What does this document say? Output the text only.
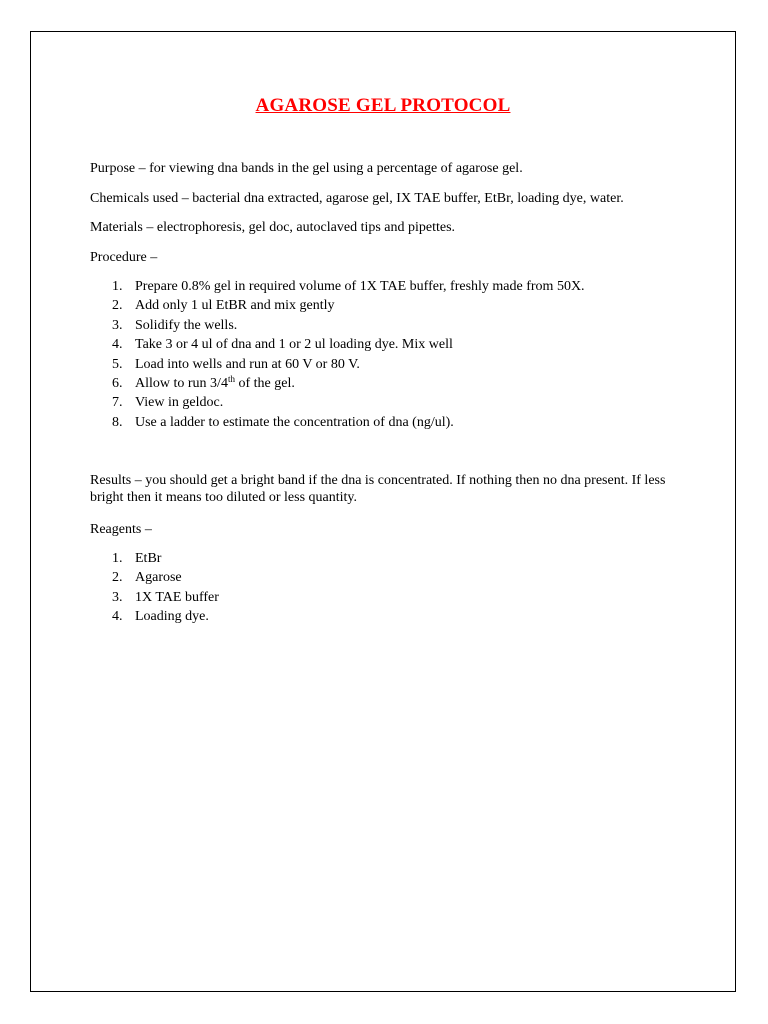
AGAROSE GEL PROTOCOL

Purpose – for viewing dna bands in the gel using a percentage of agarose gel.

Chemicals used – bacterial dna extracted, agarose gel, IX TAE buffer, EtBr, loading dye, water.

Materials – electrophoresis, gel doc, autoclaved tips and pipettes.

Procedure –

1. Prepare 0.8% gel in required volume of 1X TAE buffer, freshly made from 50X.
2. Add only 1 ul EtBR and mix gently
3. Solidify the wells.
4. Take 3 or 4 ul of dna and 1 or 2 ul loading dye. Mix well
5. Load into wells and run at 60 V or 80 V.
6. Allow to run 3/4th of the gel.
7. View in geldoc.
8. Use a ladder to estimate the concentration of dna (ng/ul).

Results – you should get a bright band if the dna is concentrated. If nothing then no dna present. If less bright then it means too diluted or less quantity.

Reagents –

1. EtBr
2. Agarose
3. 1X TAE buffer
4. Loading dye.
